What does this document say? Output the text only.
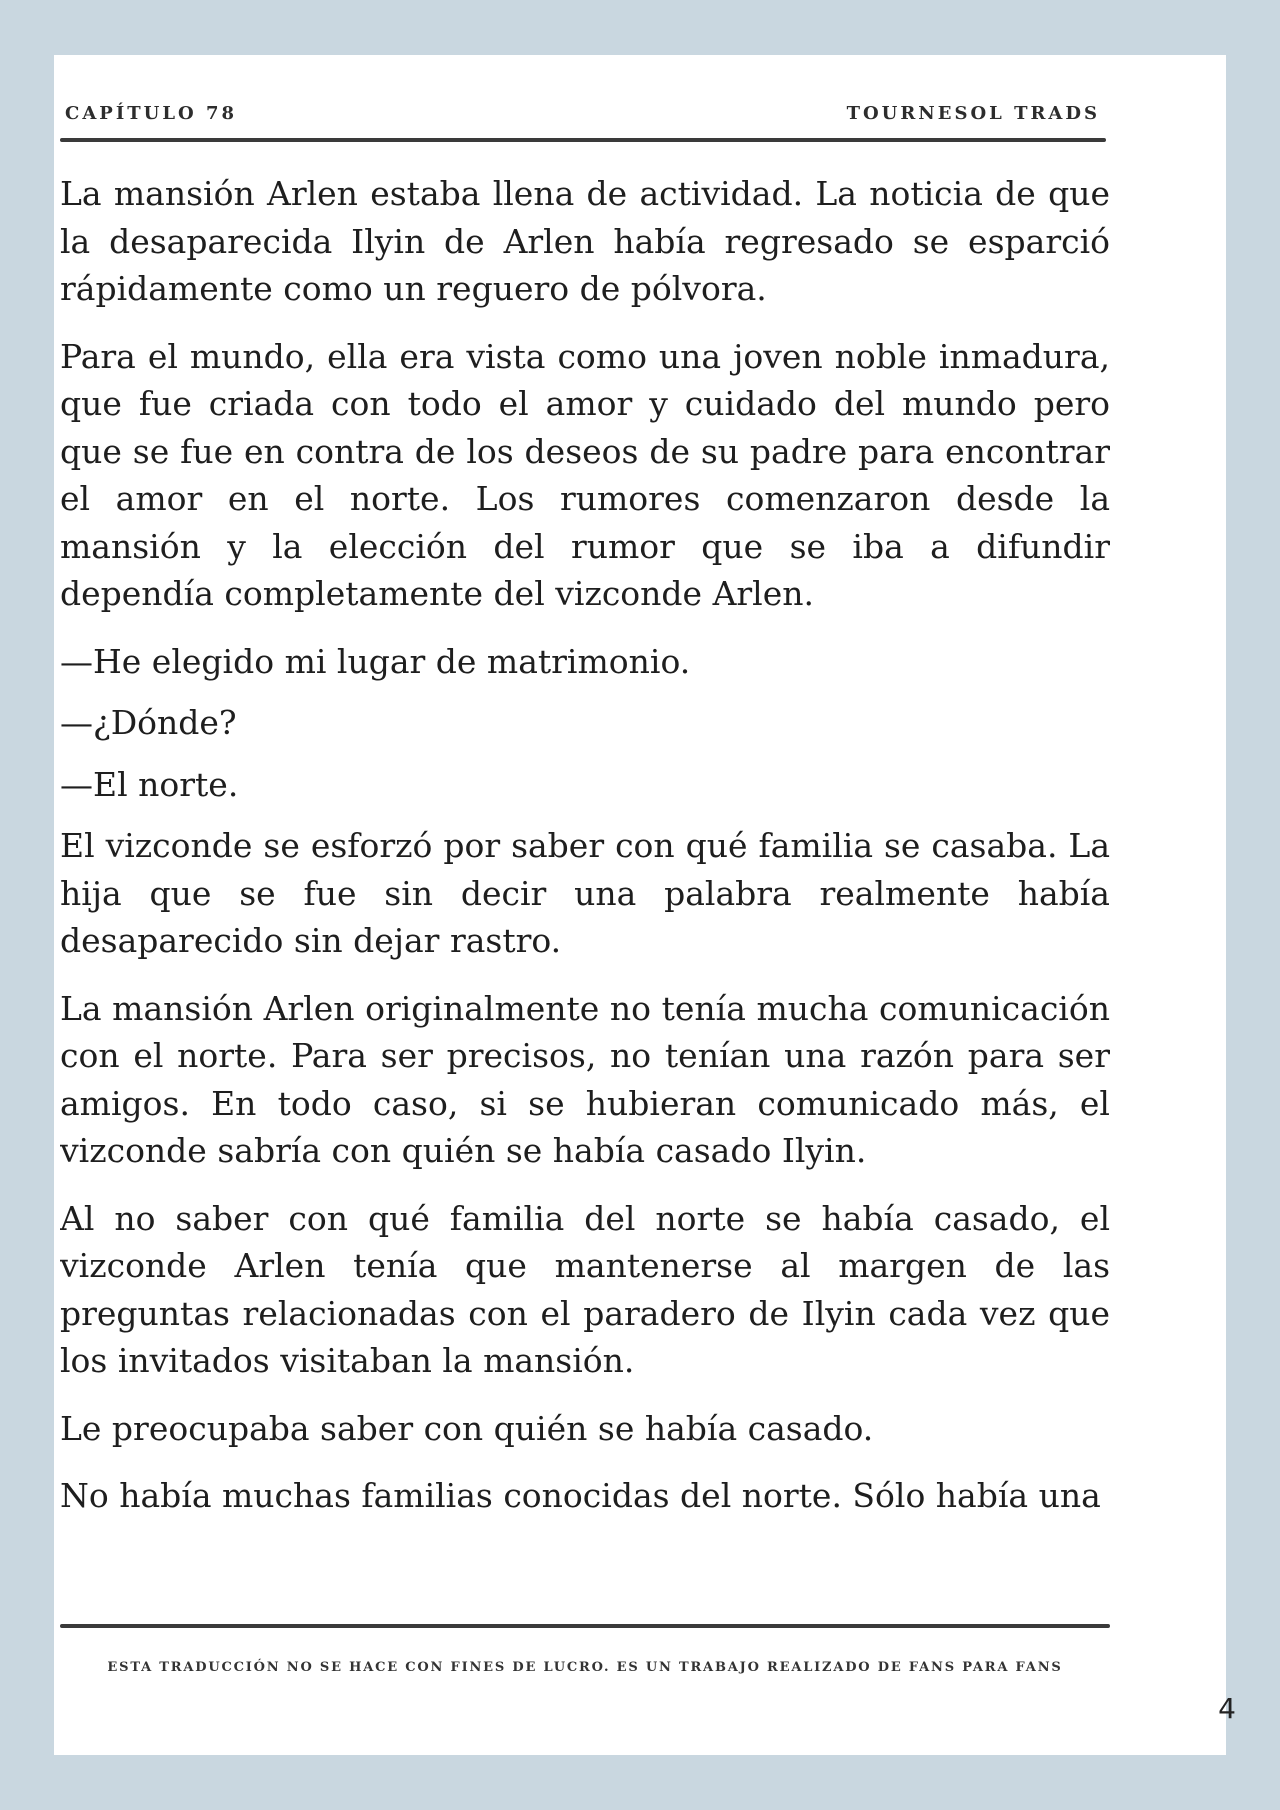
CAPÍTULO 78	TOURNESOL TRADS

La mansión Arlen estaba llena de actividad. La noticia de que la desaparecida Ilyin de Arlen había regresado se esparció rápidamente como un reguero de pólvora.

Para el mundo, ella era vista como una joven noble inmadura, que fue criada con todo el amor y cuidado del mundo pero que se fue en contra de los deseos de su padre para encontrar el amor en el norte. Los rumores comenzaron desde la mansión y la elección del rumor que se iba a difundir dependía completamente del vizconde Arlen.

—He elegido mi lugar de matrimonio.

—¿Dónde?

—El norte.

El vizconde se esforzó por saber con qué familia se casaba. La hija que se fue sin decir una palabra realmente había desaparecido sin dejar rastro.

La mansión Arlen originalmente no tenía mucha comunicación con el norte. Para ser precisos, no tenían una razón para ser amigos. En todo caso, si se hubieran comunicado más, el vizconde sabría con quién se había casado Ilyin.

Al no saber con qué familia del norte se había casado, el vizconde Arlen tenía que mantenerse al margen de las preguntas relacionadas con el paradero de Ilyin cada vez que los invitados visitaban la mansión.

Le preocupaba saber con quién se había casado.

No había muchas familias conocidas del norte. Sólo había una

ESTA TRADUCCIÓN NO SE HACE CON FINES DE LUCRO. ES UN TRABAJO REALIZADO DE FANS PARA FANS
4
